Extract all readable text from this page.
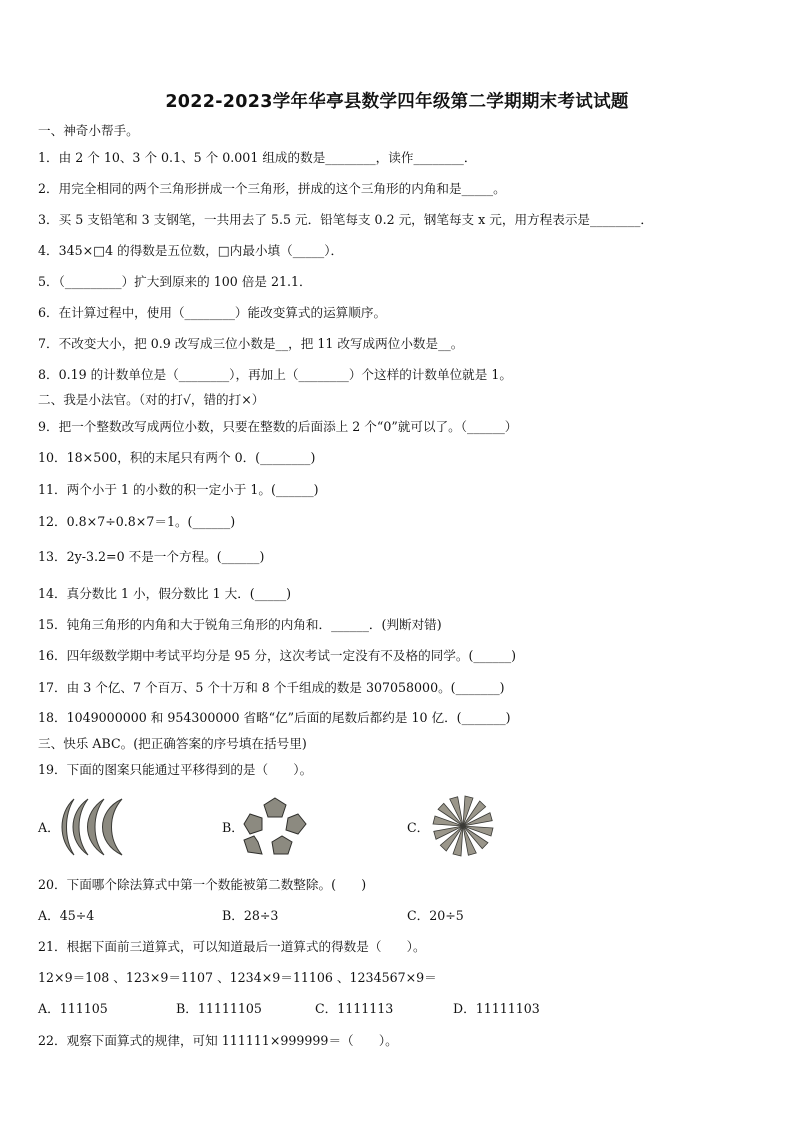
2022-2023学年华亭县数学四年级第二学期期末考试试题
一、神奇小帮手。
1．由 2 个 10、3 个 0.1、5 个 0.001 组成的数是________，读作________．
2．用完全相同的两个三角形拼成一个三角形，拼成的这个三角形的内角和是_____。
3．买 5 支铅笔和 3 支钢笔，一共用去了 5.5 元．铅笔每支 0.2 元，钢笔每支 x 元，用方程表示是________．
4．345×□4 的得数是五位数，□内最小填（_____）．
5．（_________）扩大到原来的 100 倍是 21.1．
6．在计算过程中，使用（________）能改变算式的运算顺序。
7．不改变大小，把 0.9 改写成三位小数是__，把 11 改写成两位小数是__。
8．0.19 的计数单位是（________），再加上（________）个这样的计数单位就是 1。
二、我是小法官。（对的打√，错的打×）
9．把一个整数改写成两位小数，只要在整数的后面添上 2 个“0”就可以了。（______）
10．18×500，积的末尾只有两个 0．(________)
11．两个小于 1 的小数的积一定小于 1。(______)
12．0.8×7÷0.8×7＝1。(______)
13．2y-3.2=0 不是一个方程。(______)
14．真分数比 1 小，假分数比 1 大．(_____)
15．钝角三角形的内角和大于锐角三角形的内角和．______．(判断对错)
16．四年级数学期中考试平均分是 95 分，这次考试一定没有不及格的同学。(______)
17．由 3 个亿、7 个百万、5 个十万和 8 个千组成的数是 307058000。(_______)
18．1049000000 和 954300000 省略“亿”后面的尾数后都约是 10 亿．(_______)
三、快乐 ABC。(把正确答案的序号填在括号里)
19．下面的图案只能通过平移得到的是（　　）。
A．	B．	C．
20．下面哪个除法算式中第一个数能被第二数整除。(　　)
A．45÷4	B．28÷3	C．20÷5
21．根据下面前三道算式，可以知道最后一道算式的得数是（　　）。
12×9＝108 、123×9＝1107 、1234×9＝11106 、1234567×9＝
A．111105	B．11111105	C．1111113	D．11111103
22．观察下面算式的规律，可知 111111×999999＝（　　）。
